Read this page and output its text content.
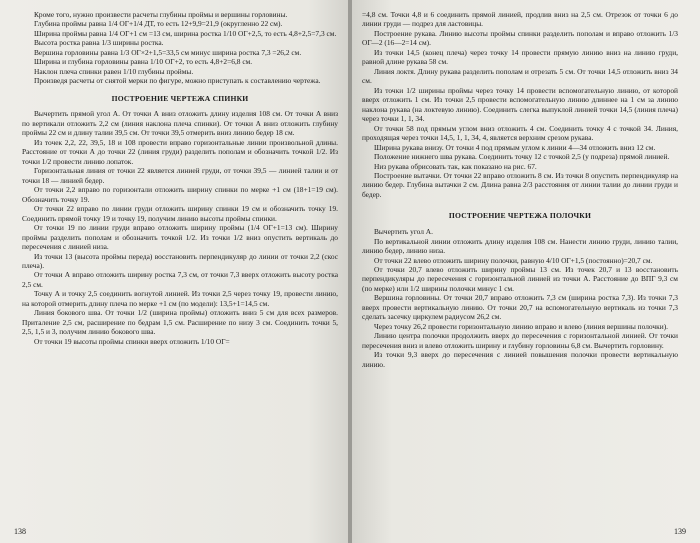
Кроме того, нужно произвести расчеты глубины проймы и вершины горловины.

Глубина проймы равна 1/4 ОГ+1/4 ДТ, то есть 12+9,9=21,9 (округленно 22 см).

Ширина проймы равна 1/4 ОГ+1 см =13 см, ширина ростка 1/10 ОГ+2,5, то есть 4,8+2,5=7,3 см.

Высота ростка равна 1/3 ширины ростка.

Вершина горловины равна 1/3 ОГ×2+1,5=33,5 см минус ширина ростка 7,3 =26,2 см.

Ширина и глубина горловины равна 1/10 ОГ+2, то есть 4,8+2=6,8 см.

Наклон плеча спинки равен 1/10 глубины проймы.

Произведя расчеты от снятой мерки по фигуре, можно приступать к составлению чертежа.

ПОСТРОЕНИЕ ЧЕРТЕЖА СПИНКИ

Вычертить прямой угол А. От точки А вниз отложить длину изделия 108 см. От точки А вниз по вертикали отложить 2,2 см (линия наклона плеча спинки). От точки А вниз отложить глубину проймы 22 см и длину талии 39,5 см. От точки 39,5 отмерить вниз линию бедер 18 см.

Из точек 2,2, 22, 39,5, 18 и 108 провести вправо горизонтальные линии произвольной длины. Расстояние от точки А до точки 22 (линия груди) разделить пополам и обозначить точкой 1/2. Из точки 1/2 провести линию лопаток.

Горизонтальная линия от точки 22 является линией груди, от точки 39,5 — линией талии и от точки 18 — линией бедер.

От точки 2,2 вправо по горизонтали отложить ширину спинки по мерке +1 см (18+1=19 см). Обозначить точку 19.

От точки 22 вправо по линии груди отложить ширину спинки 19 см и обозначить точку 19. Соединить прямой точку 19 и точку 19, получим линию высоты проймы спинки.

От точки 19 по линии груди вправо отложить ширину проймы (1/4 ОГ+1=13 см). Ширину проймы разделить пополам и обозначить точкой 1/2. Из точки 1/2 вниз опустить вертикаль до пересечения с линией низа.

Из точки 13 (высота проймы переда) восстановить перпендикуляр до линии от точки 2,2 (скос плеча).

От точки А вправо отложить ширину ростка 7,3 см, от точки 7,3 вверх отложить высоту ростка 2,5 см.

Точку А и точку 2,5 соединить вогнутой линией. Из точки 2,5 через точку 19, провести линию, на которой отмерить длину плеча по мерке +1 см (по модели): 13,5+1=14,5 см.

Линия бокового шва. От точки 1/2 (ширина проймы) отложить вниз 5 см для всех размеров. Приталение 2,5 см, расширение по бедрам 1,5 см. Расширение по низу 3 см. Соединить точки 5, 2,5, 1,5 и 3, получим линию бокового шва.

От точки 19 высоты проймы спинки вверх отложить 1/10 ОГ=

138

=4,8 см. Точки 4,8 и 6 соединить прямой линией, продлив вниз на 2,5 см. Отрезок от точки 6 до линии груди — подрез для ластовицы.

Построение рукава. Линию высоты проймы спинки разделить пополам и вправо отложить 1/3 ОГ—2 (16—2=14 см).

Из точки 14,5 (конец плеча) через точку 14 провести прямую линию вниз на линию груди, равной длине рукава 58 см.

Линия локтя. Длину рукава разделить пополам и отрезать 5 см. От точки 14,5 отложить вниз 34 см.

Из точки 1/2 ширины проймы через точку 14 провести вспомогательную линию, от которой вверх отложить 1 см. Из точки 2,5 провести вспомогательную линию длиннее на 1 см за линию наклона рукава (на локтевую линию). Соединить слегка выпуклой линией точки 14,5 (линия плеча) через точки 1, 1, 34.

От точки 58 под прямым углом вниз отложить 4 см. Соединить точку 4 с точкой 34. Линия, проходящая через точки 14,5, 1, 1, 34, 4, является верхним срезом рукава.

Ширина рукава внизу. От точки 4 под прямым углом к линии 4—34 отложить вниз 12 см.

Положение нижнего шва рукава. Соединить точку 12 с точкой 2,5 (у подреза) прямой линией.

Низ рукава обрисовать так, как показано на рис. 67.

Построение вытачки. От точки 22 вправо отложить 8 см. Из точки 8 опустить перпендикуляр на линию бедер. Глубина вытачки 2 см. Длина равна 2/3 расстояния от линии талии до линии груди и бедер.

ПОСТРОЕНИЕ ЧЕРТЕЖА ПОЛОЧКИ

Вычертить угол А.

По вертикальной линии отложить длину изделия 108 см. Нанести линию груди, линию талии, линию бедер, линию низа.

От точки 22 влево отложить ширину полочки, равную 4/10 ОГ+1,5 (постоянно)=20,7 см.

От точки 20,7 влево отложить ширину проймы 13 см. Из точек 20,7 и 13 восстановить перпендикуляры до пересечения с горизонтальной линией из точки А. Расстояние до ВПГ 9,3 см (по мерке) или 1/2 ширины полочки минус 1 см.

Вершина горловины. От точки 20,7 вправо отложить 7,3 см (ширина ростка 7,3). Из точки 7,3 вверх провести вертикальную линию. От точки 20,7 на вспомогательную вертикаль из точки 7,3 сделать засечку циркулем радиусом 26,2 см.

Через точку 26,2 провести горизонтальную линию вправо и влево (линия вершины полочки).

Линию центра полочки продолжить вверх до пересечения с горизонтальной линией. От точки пересечения вниз и влево отложить ширину и глубину горловины 6,8 см. Вычертить горловину.

Из точки 9,3 вверх до пересечения с линией повышения полочки провести вертикальную линию.

139
